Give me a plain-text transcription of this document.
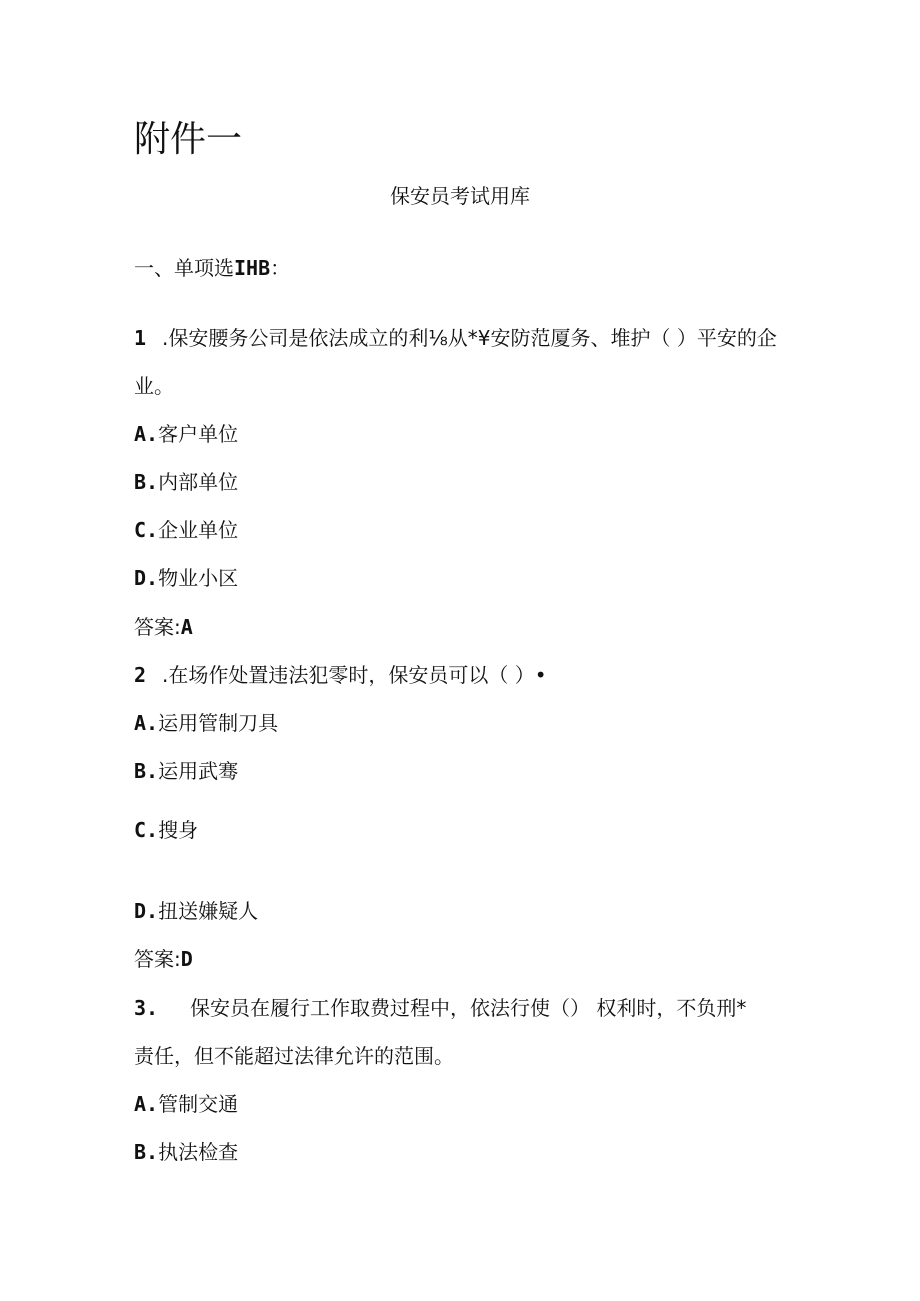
附件一
保安员考试用库
一、单项选IHB：
1 .保安腰务公司是依法成立的利⅛从*¥安防范厦务、堆护（ ）平安的企
业。
A.客户单位
B.内部单位
C.企业单位
D.物业小区
答案:A
2 .在场作处置违法犯零时，保安员可以（ ）•
A.运用管制刀具
B.运用武骞
C.搜身
D.扭送嫌疑人
答案:D
3. 保安员在履行工作取费过程中，依法行使（） 权利时，不负刑*
责任，但不能超过法律允许的范围。
A.管制交通
B.执法检查
